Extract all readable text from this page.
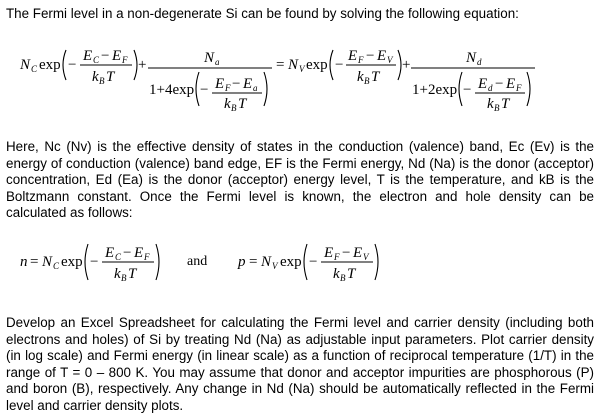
The Fermi level in a non-degenerate Si can be found by solving the following equation:

N C exp −
E C − E F
k B T
+	N a
1+4exp − E F − E a
k B T
= N V exp −
E F − E V
k B T
+	N d
1+2exp − E d − E F
k B T

Here, Nc (Nv) is the effective density of states in the conduction (valence) band, Ec (Ev) is the energy of conduction (valence) band edge, EF is the Fermi energy, Nd (Na) is the donor (acceptor) concentration, Ed (Ea) is the donor (acceptor) energy level, T is the temperature, and kB is the Boltzmann constant. Once the Fermi level is known, the electron and hole density can be calculated as follows:

n = N C exp −
E C − E F
k B T
and p = N V exp −
E F − E V
k B T

Develop an Excel Spreadsheet for calculating the Fermi level and carrier density (including both electrons and holes) of Si by treating Nd (Na) as adjustable input parameters. Plot carrier density (in log scale) and Fermi energy (in linear scale) as a function of reciprocal temperature (1/T) in the range of T = 0 – 800 K. You may assume that donor and acceptor impurities are phosphorous (P) and boron (B), respectively. Any change in Nd (Na) should be automatically reflected in the Fermi level and carrier density plots.
